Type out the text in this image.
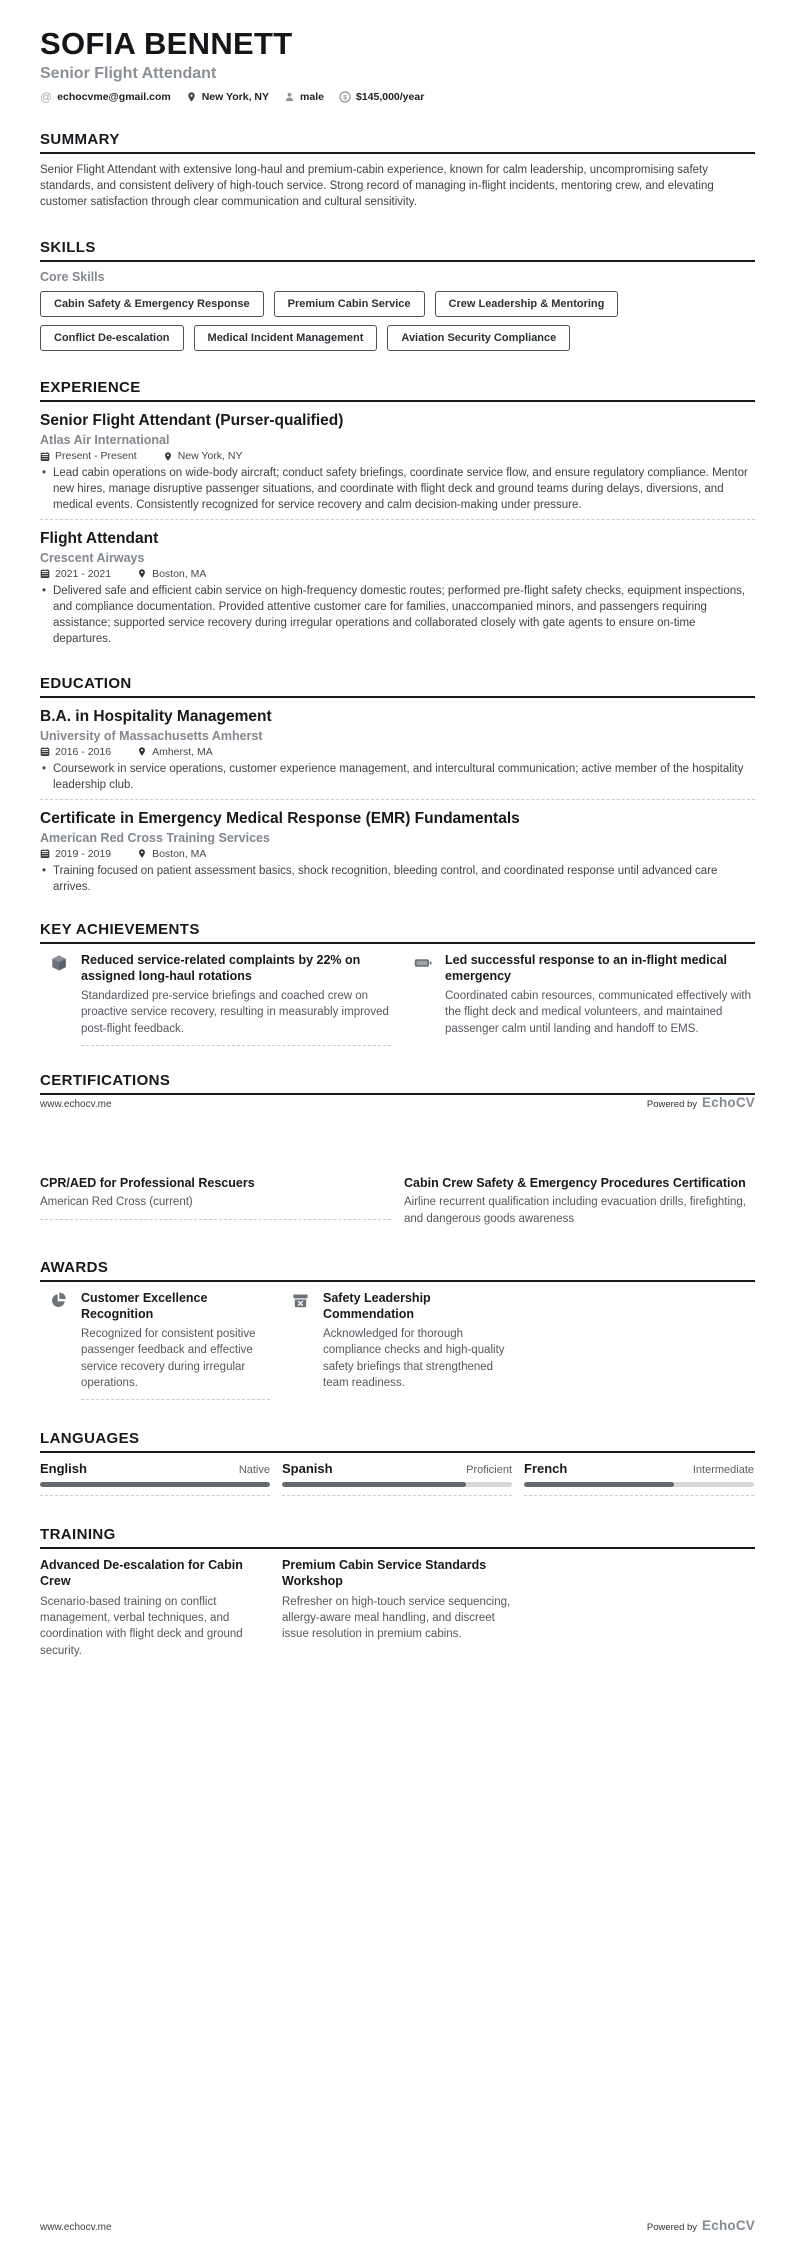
SOFIA BENNETT
Senior Flight Attendant
@ echocvme@gmail.com	New York, NY	male $ $145,000/year
SUMMARY

Senior Flight Attendant with extensive long-haul and premium-cabin experience, known for calm leadership, uncompromising safety standards, and consistent delivery of high-touch service. Strong record of managing in-flight incidents, mentoring crew, and elevating customer satisfaction through clear communication and cultural sensitivity.

SKILLS
Core Skills
Cabin Safety & Emergency Response	Premium Cabin Service	Crew Leadership & Mentoring
Conflict De-escalation	Medical Incident Management	Aviation Security Compliance
EXPERIENCE
Senior Flight Attendant (Purser-qualified)
Atlas Air International
Present - Present	New York, NY

• Lead cabin operations on wide-body aircraft; conduct safety briefings, coordinate service flow, and ensure regulatory compliance. Mentor new hires, manage disruptive passenger situations, and coordinate with flight deck and ground teams during delays, diversions, and medical events. Consistently recognized for service recovery and calm decision-making under pressure.

Flight Attendant
Crescent Airways
2021 - 2021	Boston, MA

• Delivered safe and efficient cabin service on high-frequency domestic routes; performed pre-flight safety checks, equipment inspections, and compliance documentation. Provided attentive customer care for families, unaccompanied minors, and passengers requiring assistance; supported service recovery during irregular operations and collaborated closely with gate agents to ensure on-time departures.

EDUCATION
B.A. in Hospitality Management
University of Massachusetts Amherst
2016 - 2016	Amherst, MA

• Coursework in service operations, customer experience management, and intercultural communication; active member of the hospitality leadership club.

Certificate in Emergency Medical Response (EMR) Fundamentals
American Red Cross Training Services
2019 - 2019	Boston, MA

• Training focused on patient assessment basics, shock recognition, bleeding control, and coordinated response until advanced care arrives.

KEY ACHIEVEMENTS
Reduced service-related complaints by 22% on assigned long-haul rotations
Standardized pre-service briefings and coached crew on proactive service recovery, resulting in measurably improved post-flight feedback.
Led successful response to an in-flight medical emergency
Coordinated cabin resources, communicated effectively with the flight deck and medical volunteers, and maintained passenger calm until landing and handoff to EMS.
CERTIFICATIONS
www.echocv.me	Powered by EchoCV
CPR/AED for Professional Rescuers
American Red Cross (current)
Cabin Crew Safety & Emergency Procedures Certification
Airline recurrent qualification including evacuation drills, firefighting, and dangerous goods awareness
AWARDS
Customer Excellence Recognition
Recognized for consistent positive passenger feedback and effective service recovery during irregular operations.
Safety Leadership Commendation
Acknowledged for thorough compliance checks and high-quality safety briefings that strengthened team readiness.
LANGUAGES
English	Native Spanish	Proficient French	Intermediate
TRAINING
Advanced De-escalation for Cabin Crew
Scenario-based training on conflict management, verbal techniques, and coordination with flight deck and ground security.
Premium Cabin Service Standards Workshop
Refresher on high-touch service sequencing, allergy-aware meal handling, and discreet issue resolution in premium cabins.
www.echocv.me	Powered by EchoCV
